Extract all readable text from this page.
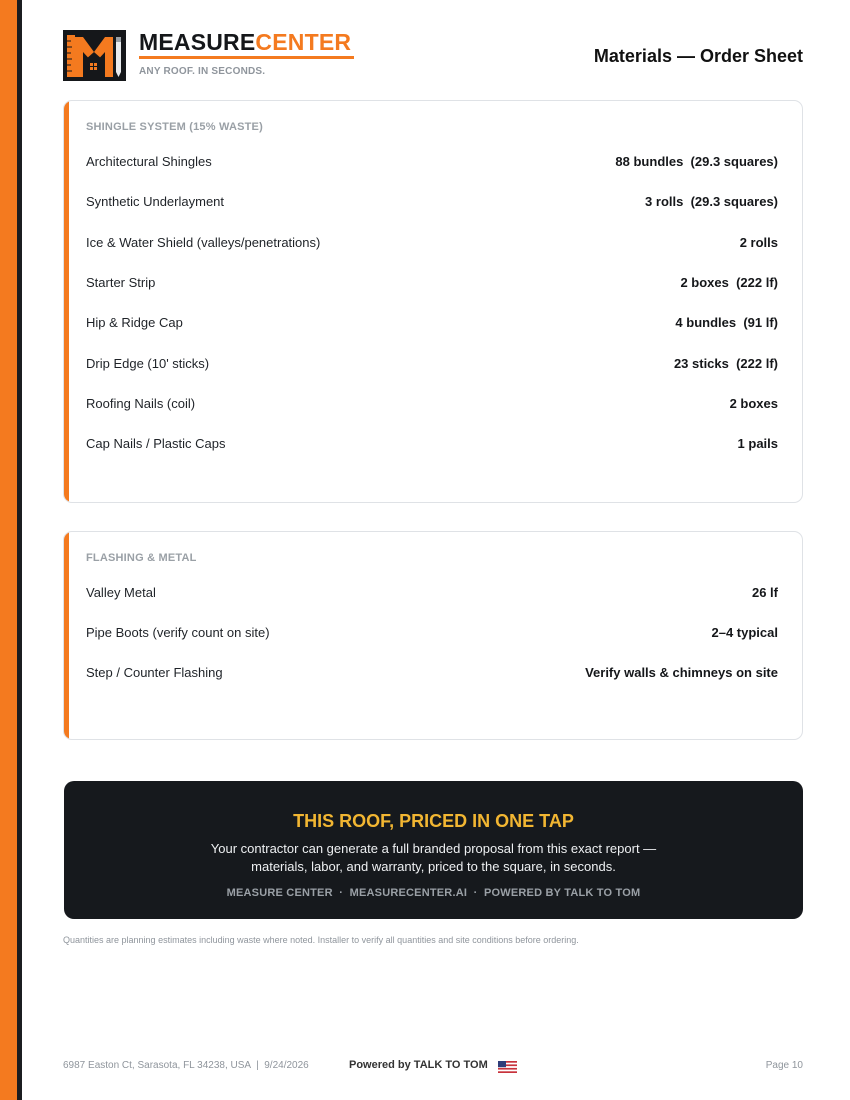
MEASURECENTER
ANY ROOF. IN SECONDS.
Materials — Order Sheet
SHINGLE SYSTEM (15% WASTE)
Architectural Shingles	88 bundles  (29.3 squares)
Synthetic Underlayment	3 rolls  (29.3 squares)
Ice & Water Shield (valleys/penetrations)	2 rolls
Starter Strip	2 boxes  (222 lf)
Hip & Ridge Cap	4 bundles  (91 lf)
Drip Edge (10' sticks)	23 sticks  (222 lf)
Roofing Nails (coil)	2 boxes
Cap Nails / Plastic Caps	1 pails
FLASHING & METAL
Valley Metal	26 lf
Pipe Boots (verify count on site)	2–4 typical
Step / Counter Flashing	Verify walls & chimneys on site
THIS ROOF, PRICED IN ONE TAP
Your contractor can generate a full branded proposal from this exact report —
materials, labor, and warranty, priced to the square, in seconds.
MEASURE CENTER  ·  MEASURECENTER.AI  ·  POWERED BY TALK TO TOM
Quantities are planning estimates including waste where noted. Installer to verify all quantities and site conditions before ordering.
6987 Easton Ct, Sarasota, FL 34238, USA  |  9/24/2026	Powered by TALK TO TOM	Page 10
